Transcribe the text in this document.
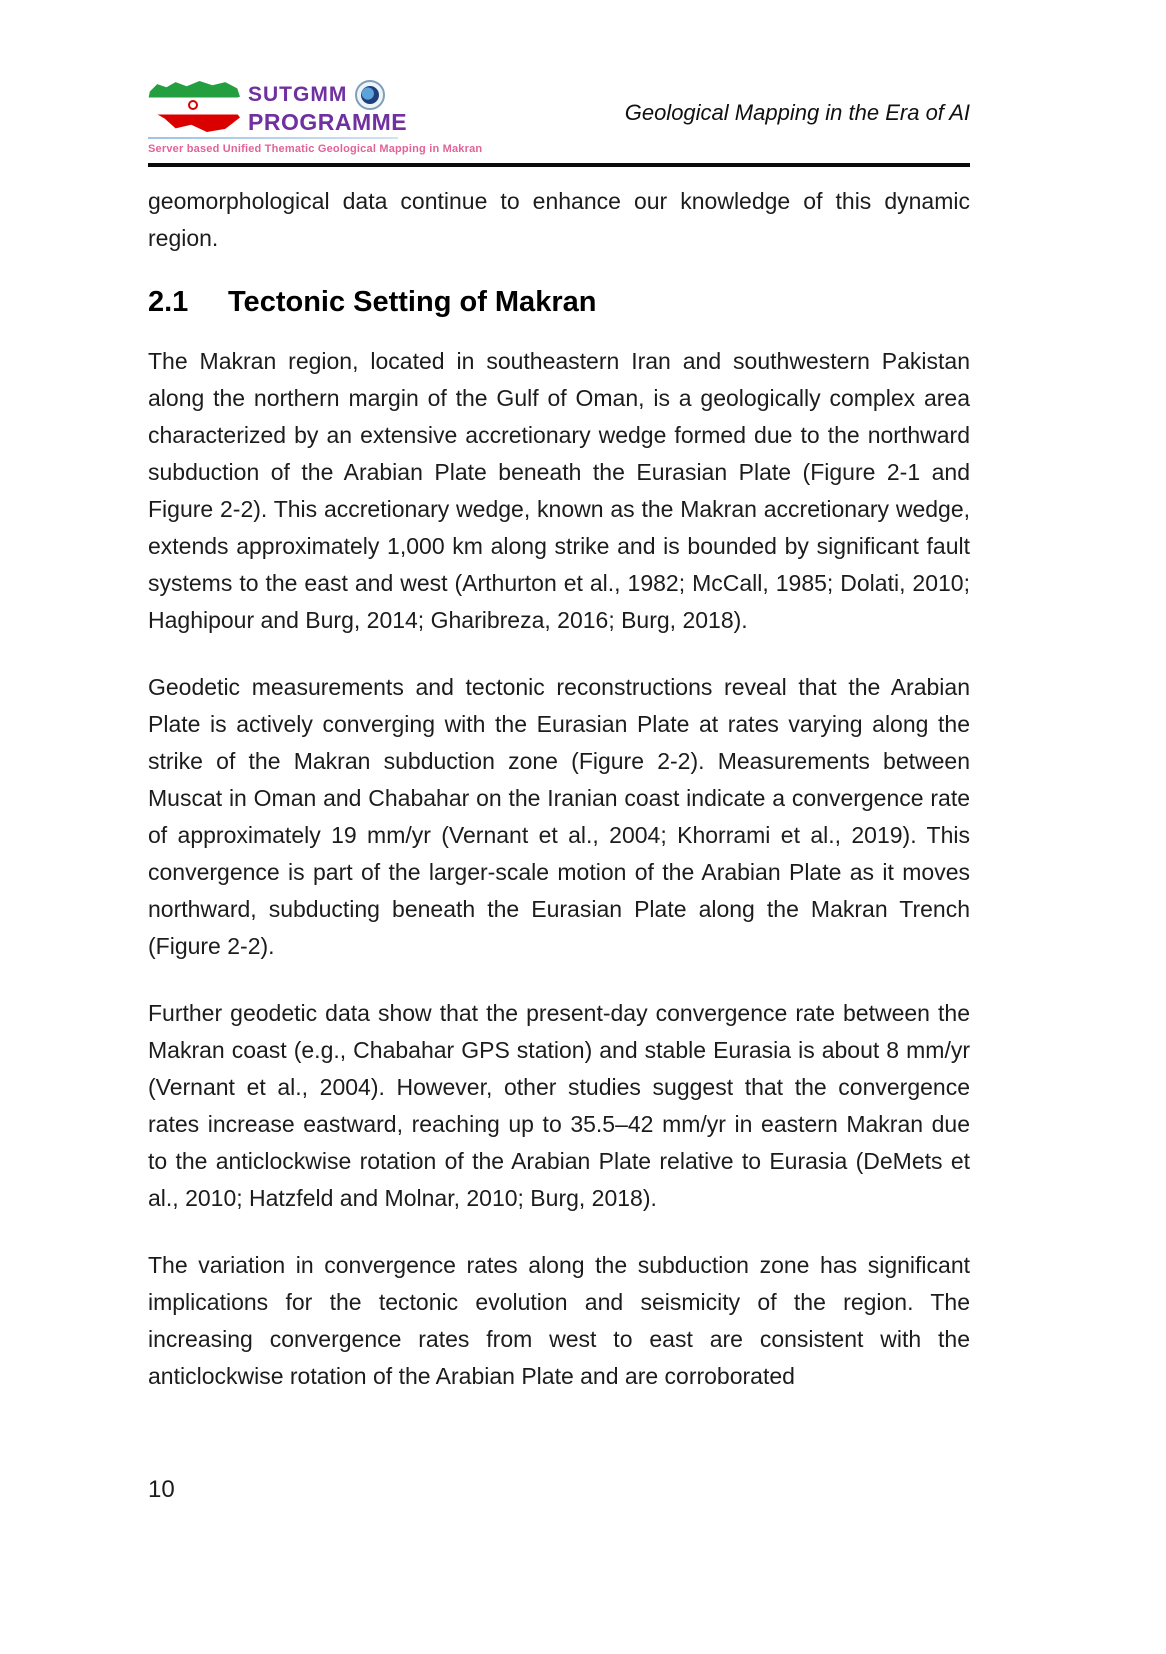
SUTGMM
PROGRAMME
Server based Unified Thematic Geological Mapping in Makran
Geological Mapping in the Era of AI

geomorphological data continue to enhance our knowledge of this dynamic region.

2.1	Tectonic Setting of Makran

The Makran region, located in southeastern Iran and southwestern Pakistan along the northern margin of the Gulf of Oman, is a geologically complex area characterized by an extensive accretionary wedge formed due to the northward subduction of the Arabian Plate beneath the Eurasian Plate (Figure 2-1 and Figure 2-2). This accretionary wedge, known as the Makran accretionary wedge, extends approximately 1,000 km along strike and is bounded by significant fault systems to the east and west (Arthurton et al., 1982; McCall, 1985; Dolati, 2010; Haghipour and Burg, 2014; Gharibreza, 2016; Burg, 2018).

Geodetic measurements and tectonic reconstructions reveal that the Arabian Plate is actively converging with the Eurasian Plate at rates varying along the strike of the Makran subduction zone (Figure 2-2). Measurements between Muscat in Oman and Chabahar on the Iranian coast indicate a convergence rate of approximately 19 mm/yr (Vernant et al., 2004; Khorrami et al., 2019). This convergence is part of the larger-scale motion of the Arabian Plate as it moves northward, subducting beneath the Eurasian Plate along the Makran Trench (Figure 2-2).

Further geodetic data show that the present-day convergence rate between the Makran coast (e.g., Chabahar GPS station) and stable Eurasia is about 8 mm/yr (Vernant et al., 2004). However, other studies suggest that the convergence rates increase eastward, reaching up to 35.5–42 mm/yr in eastern Makran due to the anticlockwise rotation of the Arabian Plate relative to Eurasia (DeMets et al., 2010; Hatzfeld and Molnar, 2010; Burg, 2018).

The variation in convergence rates along the subduction zone has significant implications for the tectonic evolution and seismicity of the region. The increasing convergence rates from west to east are consistent with the anticlockwise rotation of the Arabian Plate and are corroborated

10
